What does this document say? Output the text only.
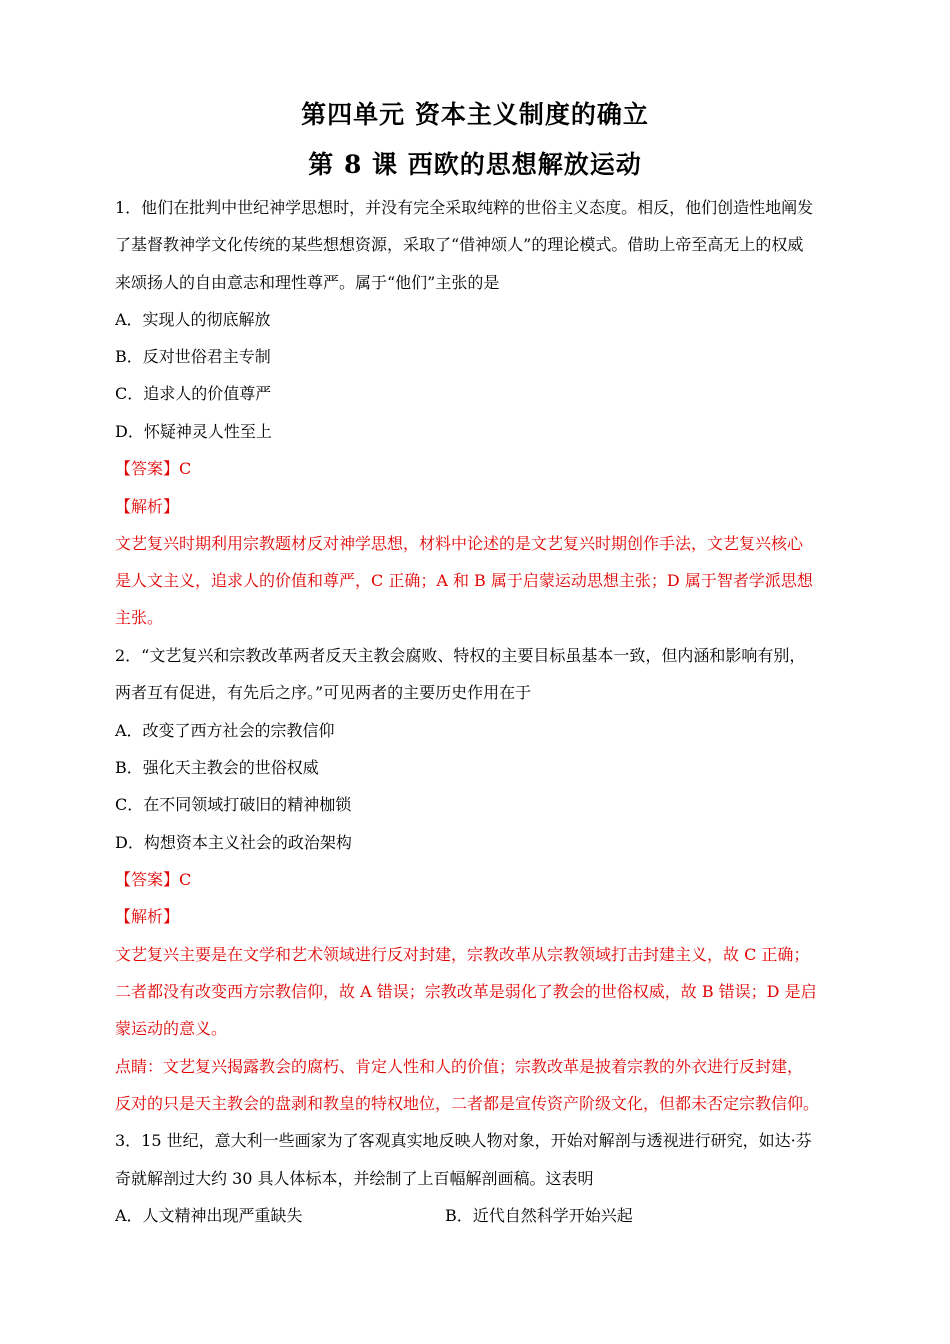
第四单元 资本主义制度的确立
第 8 课 西欧的思想解放运动
1．他们在批判中世纪神学思想时，并没有完全采取纯粹的世俗主义态度。相反，他们创造性地阐发
了基督教神学文化传统的某些想想资源，采取了“借神颂人”的理论模式。借助上帝至高无上的权威
来颂扬人的自由意志和理性尊严。属于“他们”主张的是
A．实现人的彻底解放
B．反对世俗君主专制
C．追求人的价值尊严
D．怀疑神灵人性至上
【答案】C
【解析】
文艺复兴时期利用宗教题材反对神学思想，材料中论述的是文艺复兴时期创作手法，文艺复兴核心
是人文主义，追求人的价值和尊严，C 正确；A 和 B 属于启蒙运动思想主张；D 属于智者学派思想
主张。
2．“文艺复兴和宗教改革两者反天主教会腐败、特权的主要目标虽基本一致，但内涵和影响有别，
两者互有促进，有先后之序。”可见两者的主要历史作用在于
A．改变了西方社会的宗教信仰
B．强化天主教会的世俗权威
C．在不同领域打破旧的精神枷锁
D．构想资本主义社会的政治架构
【答案】C
【解析】
文艺复兴主要是在文学和艺术领域进行反对封建，宗教改革从宗教领域打击封建主义，故 C 正确；
二者都没有改变西方宗教信仰，故 A 错误；宗教改革是弱化了教会的世俗权威，故 B 错误；D 是启
蒙运动的意义。
点睛：文艺复兴揭露教会的腐朽、肯定人性和人的价值；宗教改革是披着宗教的外衣进行反封建，
反对的只是天主教会的盘剥和教皇的特权地位，二者都是宣传资产阶级文化，但都未否定宗教信仰。
3．15 世纪，意大利一些画家为了客观真实地反映人物对象，开始对解剖与透视进行研究，如达·芬
奇就解剖过大约 30 具人体标本，并绘制了上百幅解剖画稿。这表明
A．人文精神出现严重缺失	B．近代自然科学开始兴起
